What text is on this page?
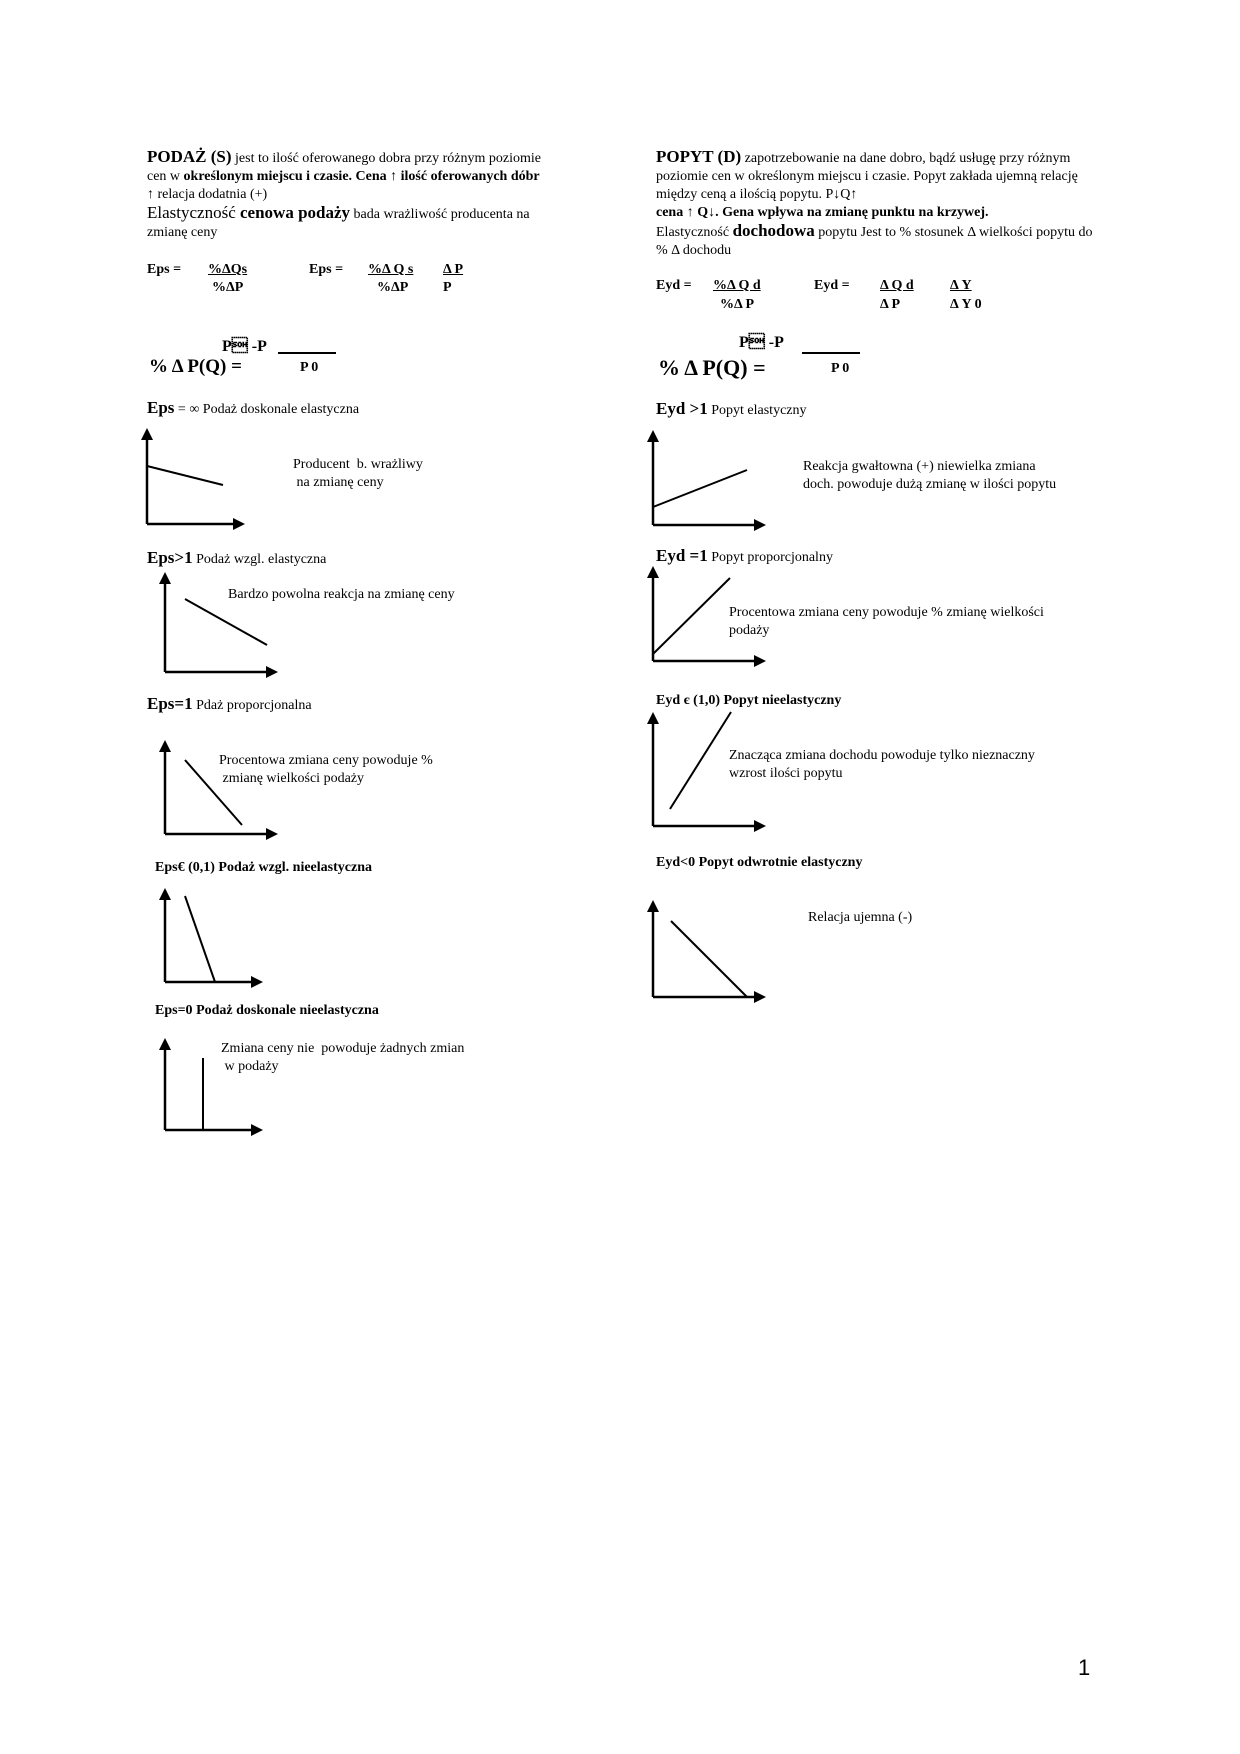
PODAŻ (S) jest to ilość oferowanego dobra przy różnym poziomie cen w określonym miejscu i czasie. Cena ↑ ilość oferowanych dóbr ↑ relacja dodatnia (+)
Elastyczność cenowa podaży bada wrażliwość producenta na zmianę ceny
Eps = %ΔQs
%ΔP
Eps = %Δ Q s
%ΔP
Δ P
P
P -P
% Δ P(Q) =	P 0
Eps = ∞ Podaż doskonale elastyczna
Producent  b. wrażliwy
na zmianę ceny
Eps>1 Podaż wzgl. elastyczna
Bardzo powolna reakcja na zmianę ceny
Eps=1 Pdaż proporcjonalna
Procentowa zmiana ceny powoduje %
zmianę wielkości podaży
Eps€ (0,1) Podaż wzgl. nieelastyczna
Eps=0 Podaż doskonale nieelastyczna
Zmiana ceny nie  powoduje żadnych zmian
w podaży
POPYT (D) zapotrzebowanie na dane dobro, bądź usługę przy różnym poziomie cen w określonym miejscu i czasie. Popyt zakłada ujemną relację między ceną a ilością popytu. P↓Q↑
cena ↑ Q↓. Gena wpływa na zmianę punktu na krzywej.
Elastyczność dochodowa popytu Jest to % stosunek Δ wielkości popytu do % Δ dochodu
Eyd = %Δ Q d
%Δ P
Eyd = Δ Q d
Δ P
Δ Y
Δ Y 0
P -P
% Δ P(Q) =	P 0
Eyd >1 Popyt elastyczny
Reakcja gwałtowna (+) niewielka zmiana
doch. powoduje dużą zmianę w ilości popytu
Eyd =1 Popyt proporcjonalny
Procentowa zmiana ceny powoduje % zmianę wielkości
podaży
Eyd є (1,0) Popyt nieelastyczny
Znacząca zmiana dochodu powoduje tylko nieznaczny
wzrost ilości popytu
Eyd<0 Popyt odwrotnie elastyczny
Relacja ujemna (-)
1
